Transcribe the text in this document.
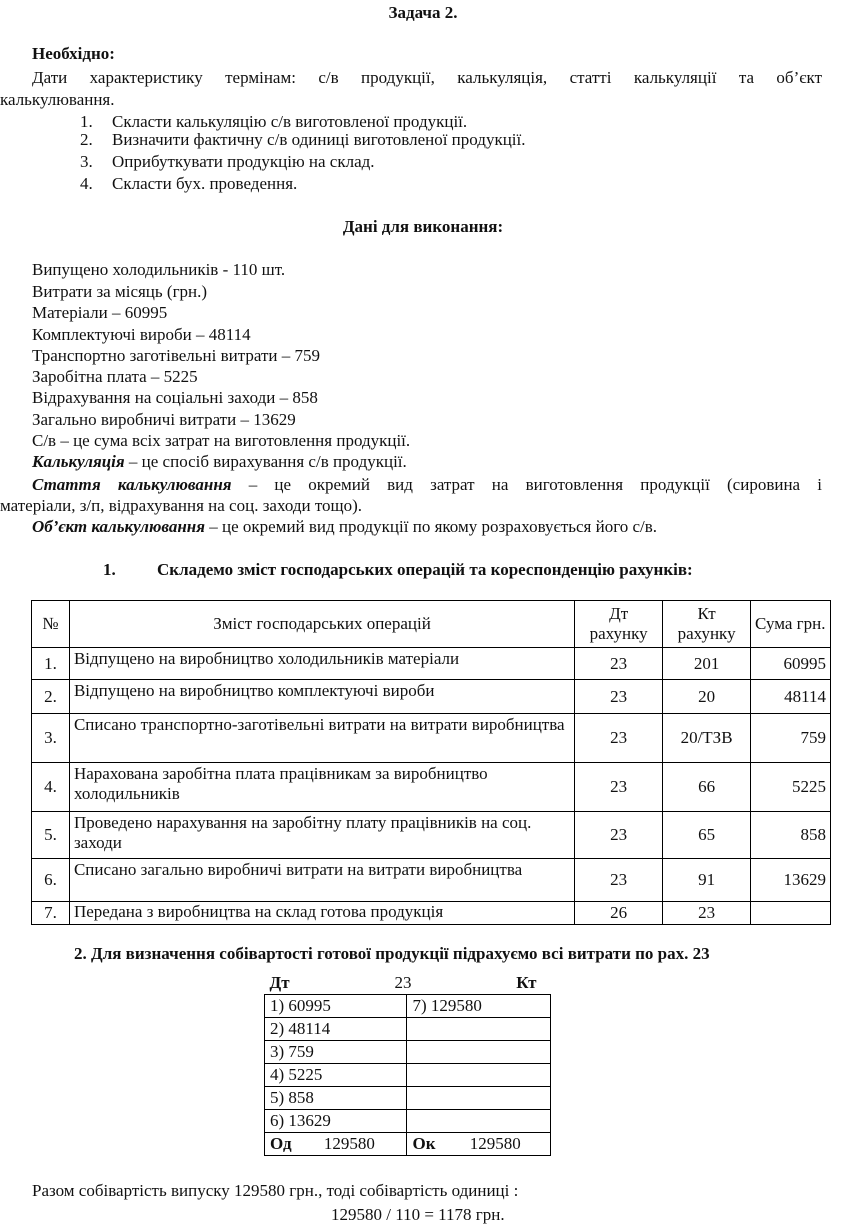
Задача 2.

Необхідно:

Дати характеристику термінам: с/в продукції, калькуляція, статті калькуляції та об’єкт

калькулювання.

1. Скласти калькуляцію с/в виготовленої продукції.
2. Визначити фактичну с/в одиниці виготовленої продукції.
3. Оприбуткувати продукцію на склад.
4. Скласти бух. проведення.

Дані для виконання:

Випущено холодильників - 110 шт.

Витрати за місяць (грн.)

Матеріали – 60995

Комплектуючі вироби – 48114

Транспортно заготівельні витрати – 759

Заробітна плата – 5225

Відрахування на соціальні заходи – 858

Загально виробничі витрати – 13629

С/в – це сума всіх затрат на виготовлення продукції.

Калькуляція – це спосіб вирахування с/в продукції.

Стаття калькулювання – це окремий вид затрат на виготовлення продукції (сировина і

матеріали, з/п, відрахування на соц. заходи тощо).

Об’єкт калькулювання – це окремий вид продукції по якому розраховується його с/в.

1. Складемо зміст господарських операцій та кореспонденцію рахунків:

№	Зміст господарських операцій	Дт рахунку	Кт рахунку	Сума грн.
1.	Відпущено на виробництво холодильників матеріали	23	201	60995
2.	Відпущено на виробництво комплектуючі вироби	23	20	48114
3.	Списано транспортно-заготівельні витрати на витрати виробництва	23	20/ТЗВ	759
4.	Нарахована заробітна плата працівникам за виробництво холодильників	23	66	5225
5.	Проведено нарахування на заробітну плату працівників на соц. заходи	23	65	858
6.	Списано загально виробничі витрати на витрати виробництва	23	91	13629
7.	Передана з виробництва на склад готова продукція	26	23	

2. Для визначення собівартості готової продукції підрахуємо всі витрати по рах. 23

Дт 23 Кт	

1) 60995	7) 129580
2) 48114	
3) 759	
4) 5225	
5) 858	
6) 13629	
Од 129580	Ок 129580

Разом собівартість випуску 129580 грн., тоді собівартість одиниці :

129580 / 110 = 1178 грн.
